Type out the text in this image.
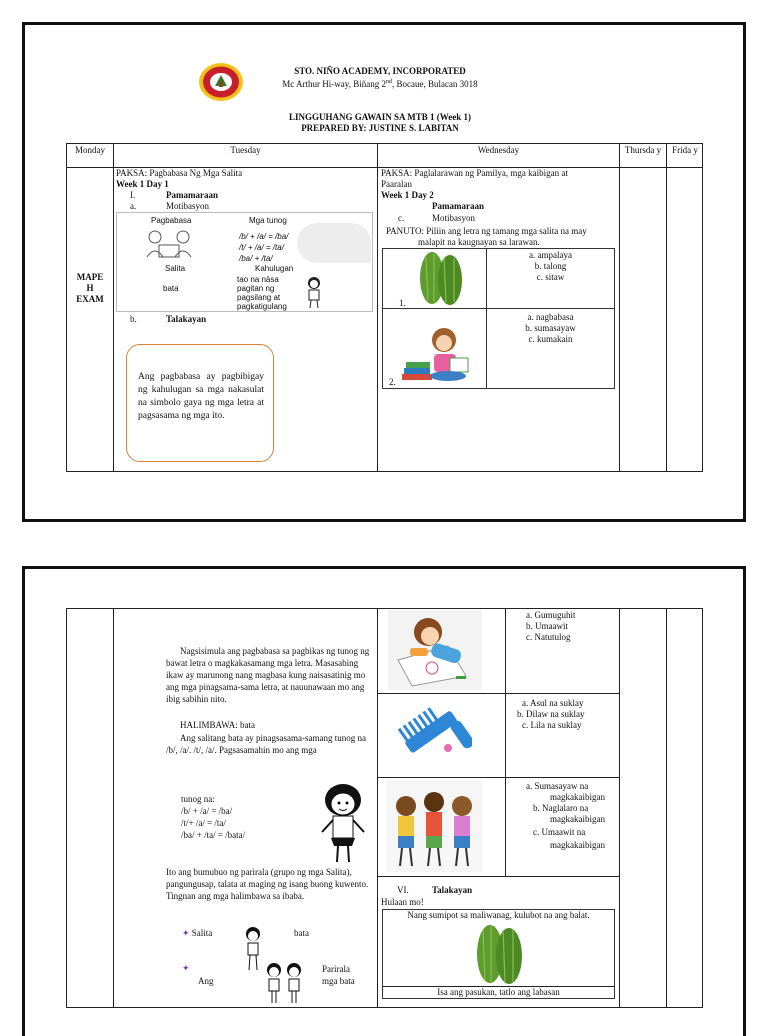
STO. NIÑO ACADEMY, INCORPORATED
Mc Arthur Hi-way, Biñang 2nd, Bocaue, Bulacan 3018
LINGGUHANG GAWAIN SA MTB 1 (Week 1)
PREPARED BY: JUSTINE S. LABITAN
Monday	Tuesday	Wednesday	Thursda y	Frida y
MAPE
H
EXAM
PAKSA: Pagbabasa Ng Mga Salita
Week 1 Day 1
I.	Pamamaraan
a.	Motibasyon
Pagbabasa	Mga tunog
/b/ + /a/ = /ba/
/t/ + /a/ = /ta/
/ba/ + /ta/
Salita	Kahulugan
bata
tao na nāsa
pagitan ng
pagsilang at
pagkatigulang
b.	Talakayan
Ang pagbabasa ay pagbibigay ng kahulugan sa mga nakasulat na simbolo gaya ng mga letra at pagsasama ng mga ito.
PAKSA: Paglalarawan ng Pamilya, mga kaibigan at
Paaralan
Week 1 Day 2
Pamamaraan
c.	Motibasyon
PANUTO: Piliin ang letra ng tamang mga salita na may
malapit na kaugnayan sa larawan.
1.
a. ampalaya
b. talong
c. sitaw
2.
a. nagbabasa
b. sumasayaw
c. kumakain
Nagsisimula ang pagbabasa sa pagbikas ng tunog ng bawat letra o magkakasamang mga letra. Masasabing ikaw ay marunong nang magbasa kung naisasatinig mo ang mga pinagsama-sama letra, at nauunawaan mo ang ibig sabihin nito.
HALIMBAWA: bata
Ang salitang bata ay pinagsasama-samang tunog na /b/, /a/. /t/, /a/. Pagsasamahin mo ang mga
tunog na:
/b/ + /a/ = /ba/
/t/+ /a/ = /ta/
/ba/ + /ta/ = /bata/
Ito ang bumubuo ng parirala (grupo ng mga Salita), pangungusap, talata at maging ng isang buong kuwento. Tingnan ang mga halimbawa sa ibaba.
✦ Salita	bata
✦
Ang
Parirala
mga bata
a. Gumuguhit
b. Umaawit
c. Natutulog
a. Asul na suklay
b. Dilaw na suklay
c. Lila na suklay
a. Sumasayaw na
magkakaibigan
b. Naglalaro na
magkakaibigan
c. Umaawit na
magkakaibigan
VI.	Talakayan
Hulaan mo!
Nang sumipot sa maliwanag, kulubot na ang balat.
Isa ang pasukan, tatlo ang labasan
